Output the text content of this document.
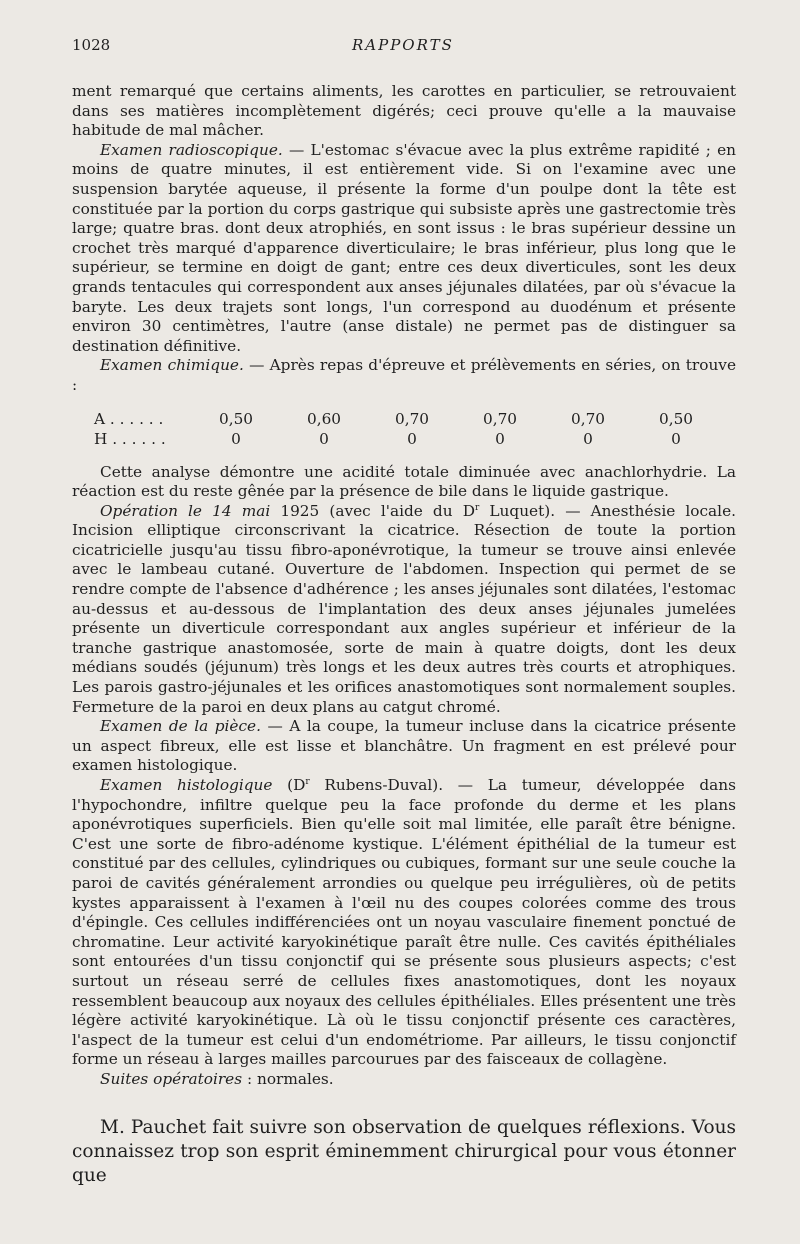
1028	RAPPORTS

ment remarqué que certains aliments, les carottes en particulier, se retrouvaient dans ses matières incomplètement digérés; ceci prouve qu'elle a la mauvaise habitude de mal mâcher.

Examen radioscopique. — L'estomac s'évacue avec la plus extrême rapidité ; en moins de quatre minutes, il est entièrement vide. Si on l'examine avec une suspension barytée aqueuse, il présente la forme d'un poulpe dont la tête est constituée par la portion du corps gastrique qui subsiste après une gastrectomie très large; quatre bras. dont deux atrophiés, en sont issus : le bras supérieur dessine un crochet très marqué d'apparence diverticulaire; le bras inférieur, plus long que le supérieur, se termine en doigt de gant; entre ces deux diverticules, sont les deux grands tentacules qui correspondent aux anses jéjunales dilatées, par où s'évacue la baryte. Les deux trajets sont longs, l'un correspond au duodénum et présente environ 30 centimètres, l'autre (anse distale) ne permet pas de distinguer sa destination définitive.

Examen chimique. — Après repas d'épreuve et prélèvements en séries, on trouve :

A . . . . . .	0,50	0,60	0,70	0,70	0,70	0,50
H . . . . . .	0	0	0	0	0	0

Cette analyse démontre une acidité totale diminuée avec anachlorhydrie. La réaction est du reste gênée par la présence de bile dans le liquide gastrique.

Opération le 14 mai 1925 (avec l'aide du $D^r$ Luquet). — Anesthésie locale. Incision elliptique circonscrivant la cicatrice. Résection de toute la portion cicatricielle jusqu'au tissu fibro-aponévrotique, la tumeur se trouve ainsi enlevée avec le lambeau cutané. Ouverture de l'abdomen. Inspection qui permet de se rendre compte de l'absence d'adhérence ; les anses jéjunales sont dilatées, l'estomac au-dessus et au-dessous de l'implantation des deux anses jéjunales jumelées présente un diverticule correspondant aux angles supérieur et inférieur de la tranche gastrique anastomosée, sorte de main à quatre doigts, dont les deux médians soudés (jéjunum) très longs et les deux autres très courts et atrophiques. Les parois gastro-jéjunales et les orifices anastomotiques sont normalement souples. Fermeture de la paroi en deux plans au catgut chromé.

Examen de la pièce. — A la coupe, la tumeur incluse dans la cicatrice présente un aspect fibreux, elle est lisse et blanchâtre. Un fragment en est prélevé pour examen histologique.

Examen histologique ($D^r$ Rubens-Duval). — La tumeur, développée dans l'hypochondre, infiltre quelque peu la face profonde du derme et les plans aponévrotiques superficiels. Bien qu'elle soit mal limitée, elle paraît être bénigne. C'est une sorte de fibro-adénome kystique. L'élément épithélial de la tumeur est constitué par des cellules, cylindriques ou cubiques, formant sur une seule couche la paroi de cavités généralement arrondies ou quelque peu irrégulières, où de petits kystes apparaissent à l'examen à l'œil nu des coupes colorées comme des trous d'épingle. Ces cellules indifférenciées ont un noyau vasculaire finement ponctué de chromatine. Leur activité karyokinétique paraît être nulle. Ces cavités épithéliales sont entourées d'un tissu conjonctif qui se présente sous plusieurs aspects; c'est surtout un réseau serré de cellules fixes anastomotiques, dont les noyaux ressemblent beaucoup aux noyaux des cellules épithéliales. Elles présentent une très légère activité karyokinétique. Là où le tissu conjonctif présente ces caractères, l'aspect de la tumeur est celui d'un endométriome. Par ailleurs, le tissu conjonctif forme un réseau à larges mailles parcourues par des faisceaux de collagène.

Suites opératoires : normales.

M. Pauchet fait suivre son observation de quelques réflexions. Vous connaissez trop son esprit éminemment chirurgical pour vous étonner que
